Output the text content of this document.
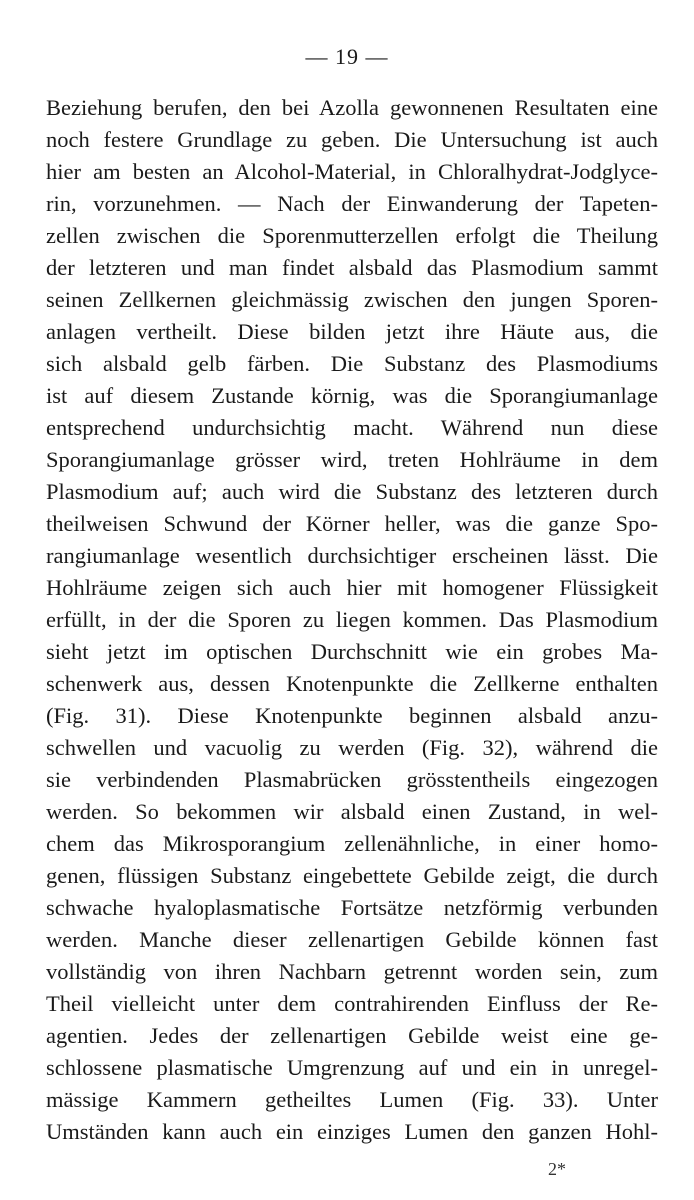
— 19 —
Beziehung berufen, den bei Azolla gewonnenen Resultaten eine
noch festere Grundlage zu geben. Die Untersuchung ist auch
hier am besten an Alcohol-Material, in Chloralhydrat-Jodglyce-
rin, vorzunehmen. — Nach der Einwanderung der Tapeten-
zellen zwischen die Sporenmutterzellen erfolgt die Theilung
der letzteren und man findet alsbald das Plasmodium sammt
seinen Zellkernen gleichmässig zwischen den jungen Sporen-
anlagen vertheilt. Diese bilden jetzt ihre Häute aus, die
sich alsbald gelb färben. Die Substanz des Plasmodiums
ist auf diesem Zustande körnig, was die Sporangiumanlage
entsprechend undurchsichtig macht. Während nun diese
Sporangiumanlage grösser wird, treten Hohlräume in dem
Plasmodium auf; auch wird die Substanz des letzteren durch
theilweisen Schwund der Körner heller, was die ganze Spo-
rangiumanlage wesentlich durchsichtiger erscheinen lässt. Die
Hohlräume zeigen sich auch hier mit homogener Flüssigkeit
erfüllt, in der die Sporen zu liegen kommen. Das Plasmodium
sieht jetzt im optischen Durchschnitt wie ein grobes Ma-
schenwerk aus, dessen Knotenpunkte die Zellkerne enthalten
(Fig. 31). Diese Knotenpunkte beginnen alsbald anzu-
schwellen und vacuolig zu werden (Fig. 32), während die
sie verbindenden Plasmabrücken grösstentheils eingezogen
werden. So bekommen wir alsbald einen Zustand, in wel-
chem das Mikrosporangium zellenähnliche, in einer homo-
genen, flüssigen Substanz eingebettete Gebilde zeigt, die durch
schwache hyaloplasmatische Fortsätze netzförmig verbunden
werden. Manche dieser zellenartigen Gebilde können fast
vollständig von ihren Nachbarn getrennt worden sein, zum
Theil vielleicht unter dem contrahirenden Einfluss der Re-
agentien. Jedes der zellenartigen Gebilde weist eine ge-
schlossene plasmatische Umgrenzung auf und ein in unregel-
mässige Kammern getheiltes Lumen (Fig. 33). Unter
Umständen kann auch ein einziges Lumen den ganzen Hohl-
2*
